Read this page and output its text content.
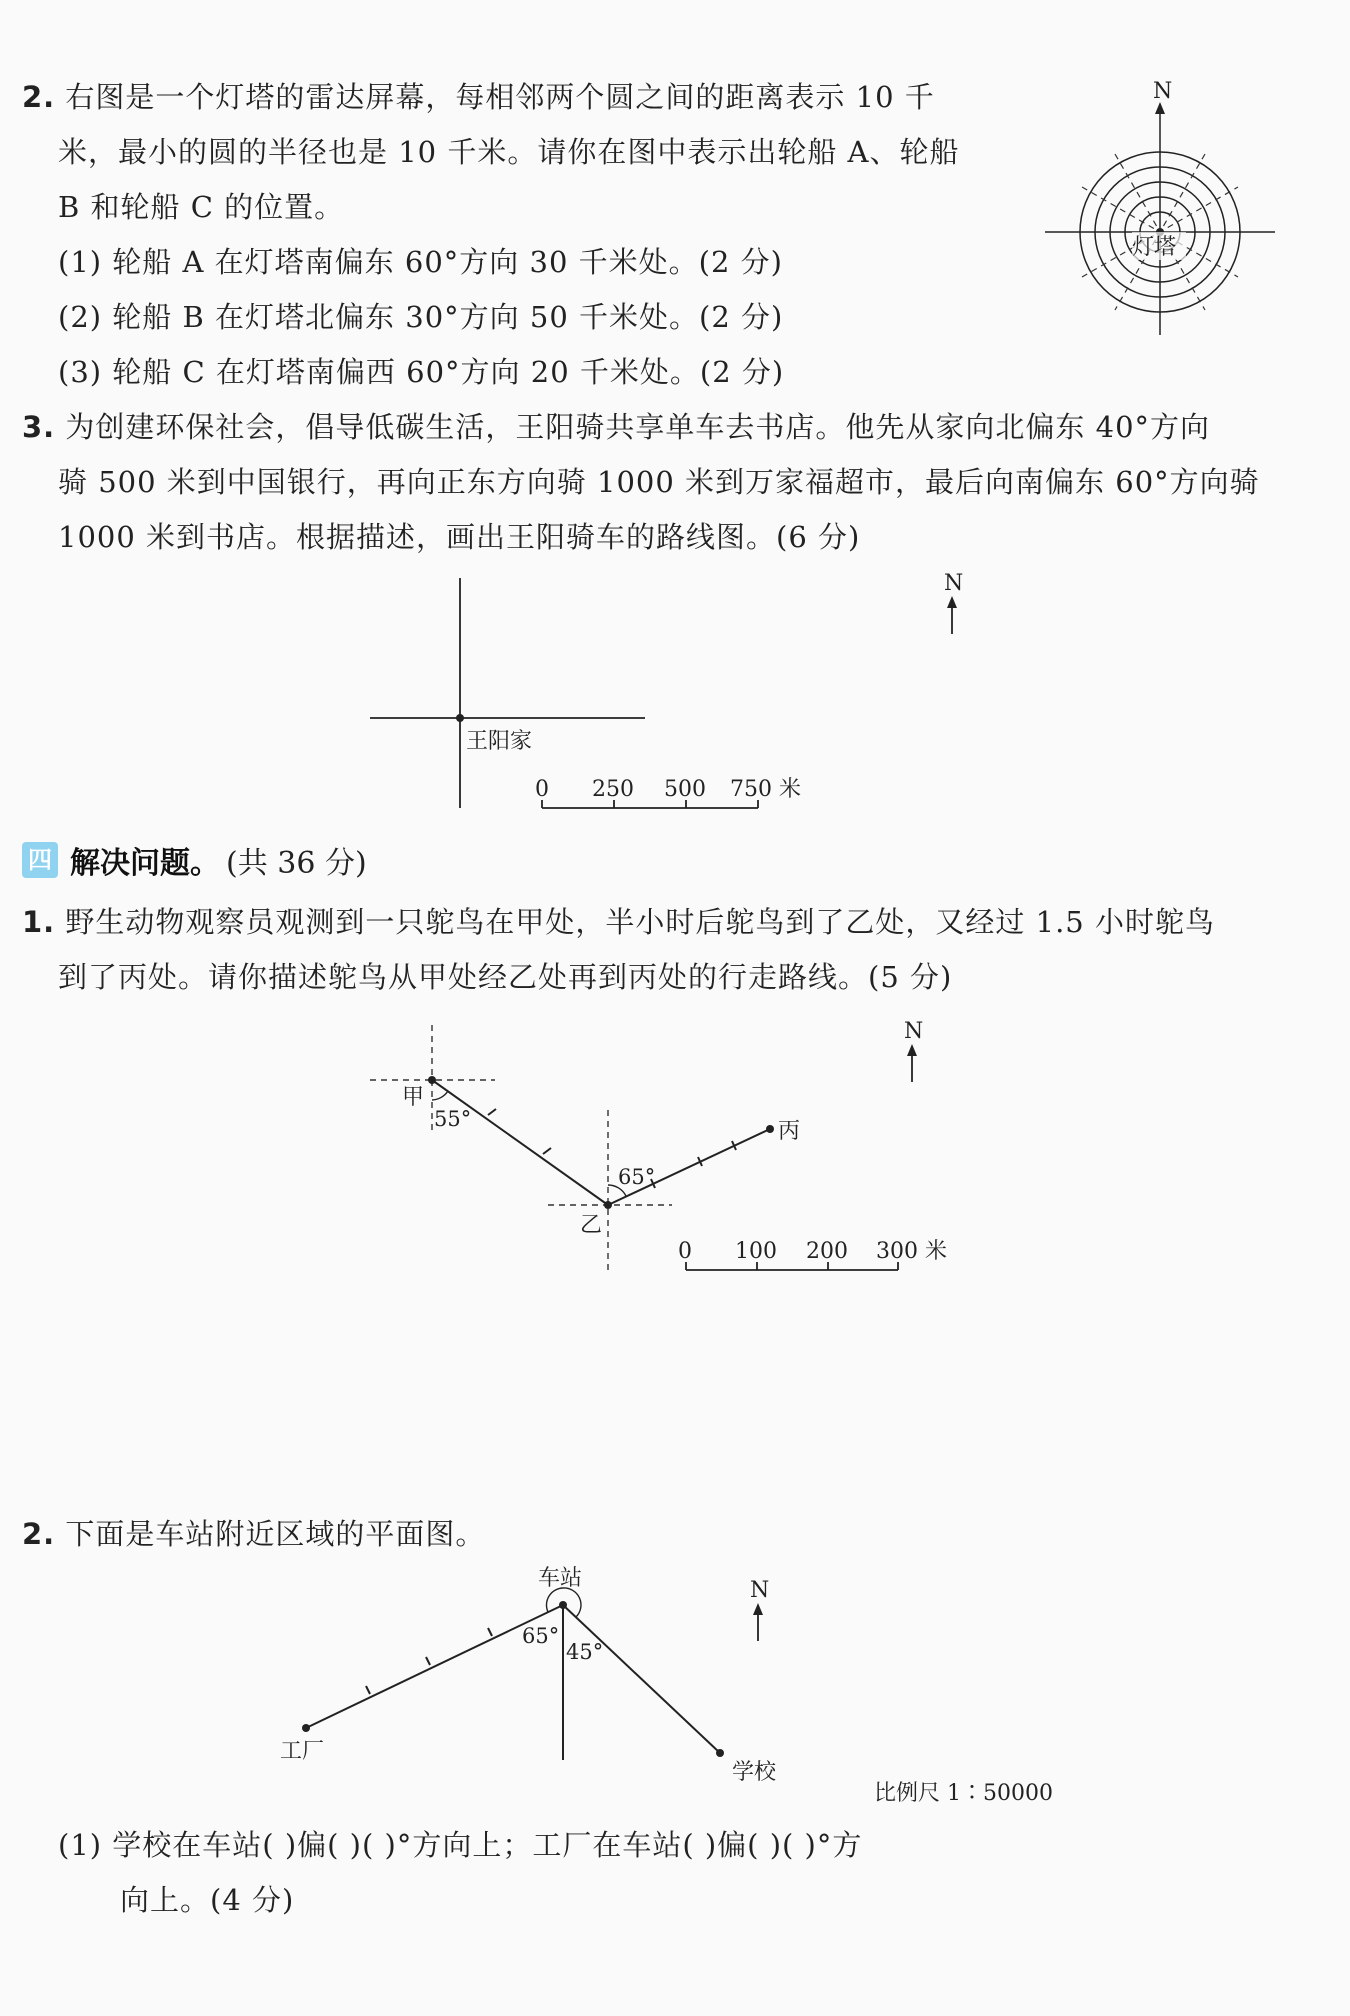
2. 右图是一个灯塔的雷达屏幕，每相邻两个圆之间的距离表示 10 千
米，最小的圆的半径也是 10 千米。请你在图中表示出轮船 A、轮船
B 和轮船 C 的位置。
(1) 轮船 A 在灯塔南偏东 60°方向 30 千米处。(2 分)
(2) 轮船 B 在灯塔北偏东 30°方向 50 千米处。(2 分)
(3) 轮船 C 在灯塔南偏西 60°方向 20 千米处。(2 分)
N
灯塔
3. 为创建环保社会，倡导低碳生活，王阳骑共享单车去书店。他先从家向北偏东 40°方向
骑 500 米到中国银行，再向正东方向骑 1000 米到万家福超市，最后向南偏东 60°方向骑
1000 米到书店。根据描述，画出王阳骑车的路线图。(6 分)
王阳家
0 250 500 750 米
N
四 解决问题。 (共 36 分)
1. 野生动物观察员观测到一只鸵鸟在甲处，半小时后鸵鸟到了乙处，又经过 1.5 小时鸵鸟
到了丙处。请你描述鸵鸟从甲处经乙处再到丙处的行走路线。(5 分)
甲
乙
丙
55°
65°
0 100 200 300 米
N
2. 下面是车站附近区域的平面图。
车站
工厂
学校
65°
45°
比例尺 1∶50000
N
(1) 学校在车站( )偏( )( )°方向上；工厂在车站( )偏( )( )°方
向上。(4 分)
